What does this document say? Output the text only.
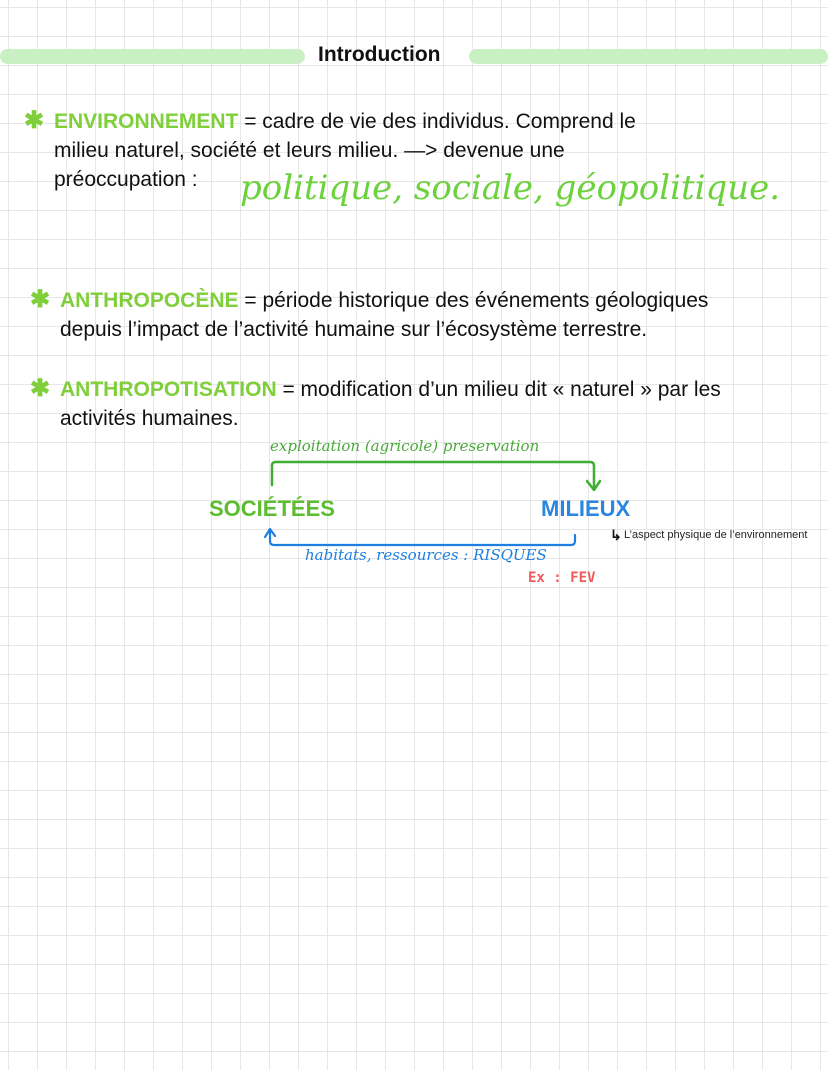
Introduction
✱ ENVIRONNEMENT = cadre de vie des individus. Comprend le
milieu naturel, société et leurs milieu. —> devenue une
préoccupation :	politique, sociale, géopolitique.
✱ ANTHROPOCÈNE = période historique des événements géologiques
depuis l’impact de l’activité humaine sur l’écosystème terrestre.
✱ ANTHROPOTISATION = modification d’un milieu dit « naturel » par les
activités humaines.
exploitation (agricole) preservation
SOCIÉTÉES	MILIEUX
↳ L’aspect physique de l’environnement
habitats, ressources : RISQUES
Ex : FEV
